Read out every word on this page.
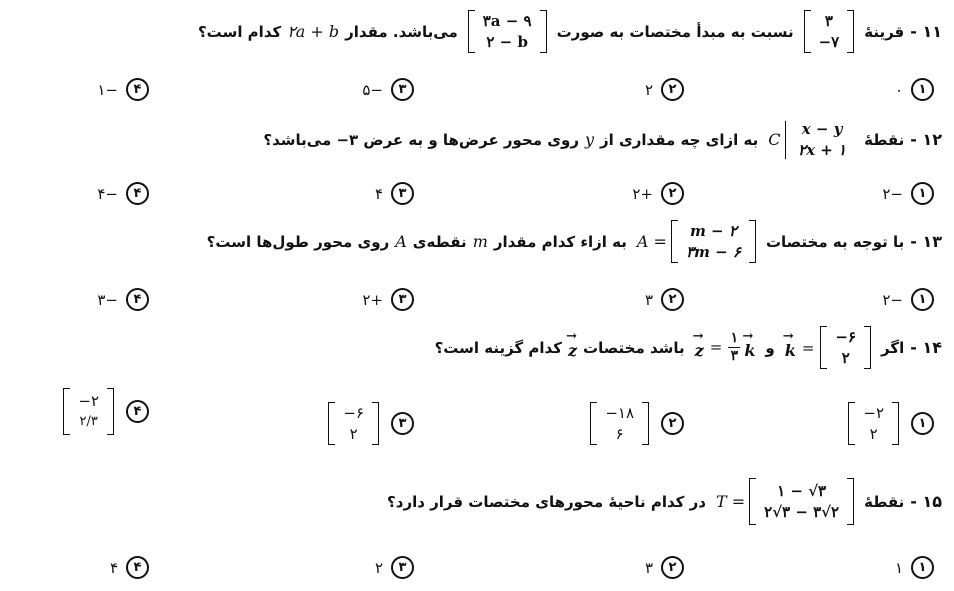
۱۱ -
قرینهٔ
۳
−۷
نسبت به مبدأ مختصات به صورت
۳a − ۹
۲ − b
می‌باشد. مقدار
۲a + b
کدام است؟
۱
۰
۲
۲
۳
−۵
۴
−۱
۱۲ -
نقطهٔ
C
x − y
۲x + ۱
به ازای چه مقداری از
y
روی محور عرض‌ها و به عرض ۳− می‌باشد؟
۱
−۲
۲
+۲
۳
۴
۴
−۴
۱۳ -
با توجه به مختصات
A =
m − ۲
۳m − ۶
به ازاء کدام مقدار
m
نقطه‌ی
A
روی محور طول‌ها است؟
۱
−۲
۲
۳
۳
+۲
۴
−۳
۱۴ -
اگر
→ k =
−۶
۲
و
→ $z = \frac{۱}{۳}$
→ k
باشد مختصات
→ z
کدام گزینه است؟
۱
−۲
۲
۲
−۱۸
۶
۳
−۶
۲
۴
−۲
۲/۳
۱۵ -
نقطهٔ
T =
۱ − √۳
۲√۳ − ۳√۲
در کدام ناحیهٔ محورهای مختصات قرار دارد؟
۱
۱
۲
۳
۳
۲
۴
۴
